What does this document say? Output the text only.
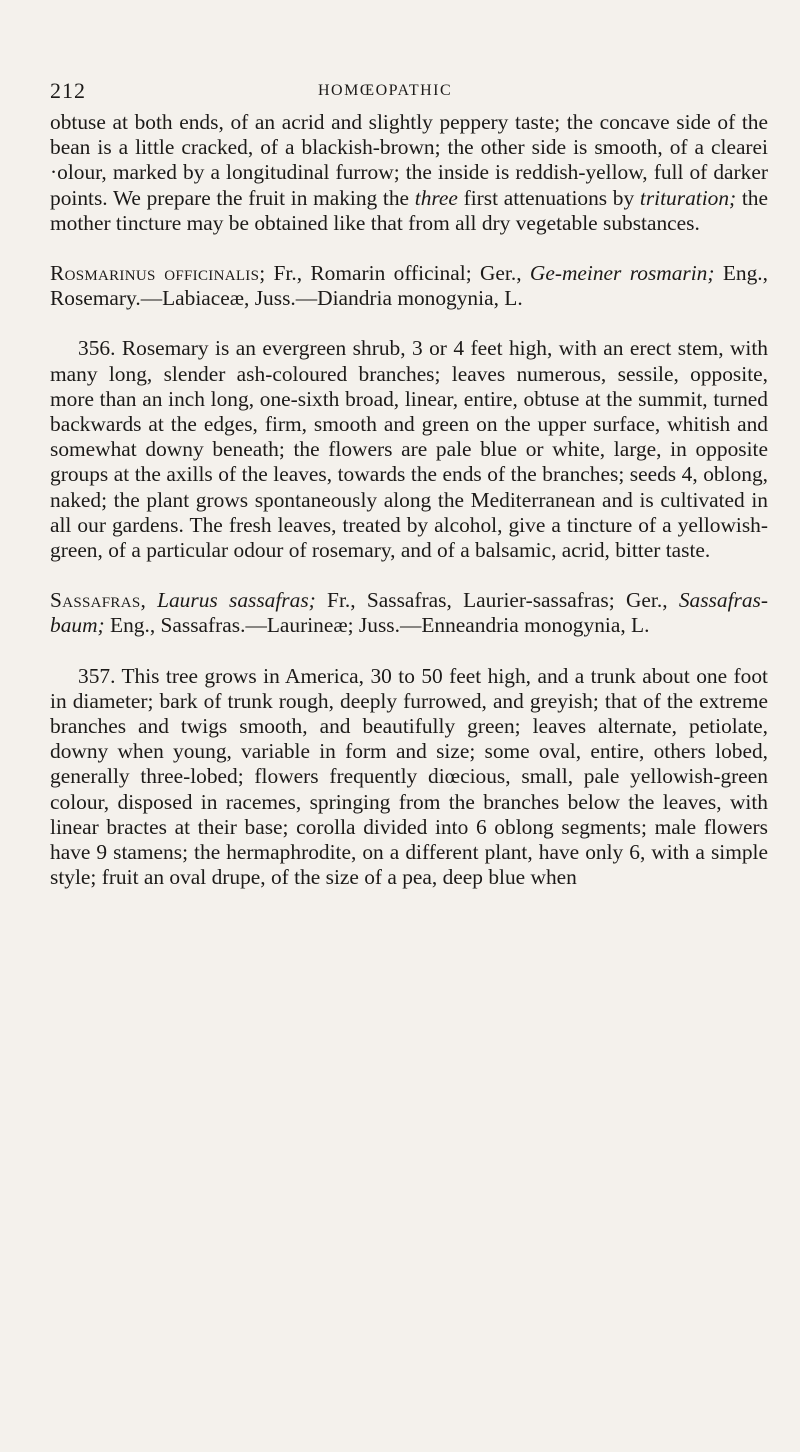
212	HOMŒOPATHIC

obtuse at both ends, of an acrid and slightly peppery taste; the concave side of the bean is a little cracked, of a blackish-brown; the other side is smooth, of a clearei ·olour, marked by a longitudinal furrow; the inside is reddish-yellow, full of darker points. We prepare the fruit in making the three first attenuations by trituration; the mother tincture may be obtained like that from all dry vegetable substances.

Rosmarinus officinalis; Fr., Romarin officinal; Ger., Ge-meiner rosmarin; Eng., Rosemary.—Labiaceæ, Juss.—Diandria monogynia, L.

356. Rosemary is an evergreen shrub, 3 or 4 feet high, with an erect stem, with many long, slender ash-coloured branches; leaves numerous, sessile, opposite, more than an inch long, one-sixth broad, linear, entire, obtuse at the summit, turned backwards at the edges, firm, smooth and green on the upper surface, whitish and somewhat downy beneath; the flowers are pale blue or white, large, in opposite groups at the axills of the leaves, towards the ends of the branches; seeds 4, oblong, naked; the plant grows spontaneously along the Mediterranean and is cultivated in all our gardens. The fresh leaves, treated by alcohol, give a tincture of a yellowish-green, of a particular odour of rosemary, and of a balsamic, acrid, bitter taste.

Sassafras, Laurus sassafras; Fr., Sassafras, Laurier-sassafras; Ger., Sassafras-baum; Eng., Sassafras.—Laurineæ; Juss.—Enneandria monogynia, L.

357. This tree grows in America, 30 to 50 feet high, and a trunk about one foot in diameter; bark of trunk rough, deeply furrowed, and greyish; that of the extreme branches and twigs smooth, and beautifully green; leaves alternate, petiolate, downy when young, variable in form and size; some oval, entire, others lobed, generally three-lobed; flowers frequently diœcious, small, pale yellowish-green colour, disposed in racemes, springing from the branches below the leaves, with linear bractes at their base; corolla divided into 6 oblong segments; male flowers have 9 stamens; the hermaphrodite, on a different plant, have only 6, with a simple style; fruit an oval drupe, of the size of a pea, deep blue when
